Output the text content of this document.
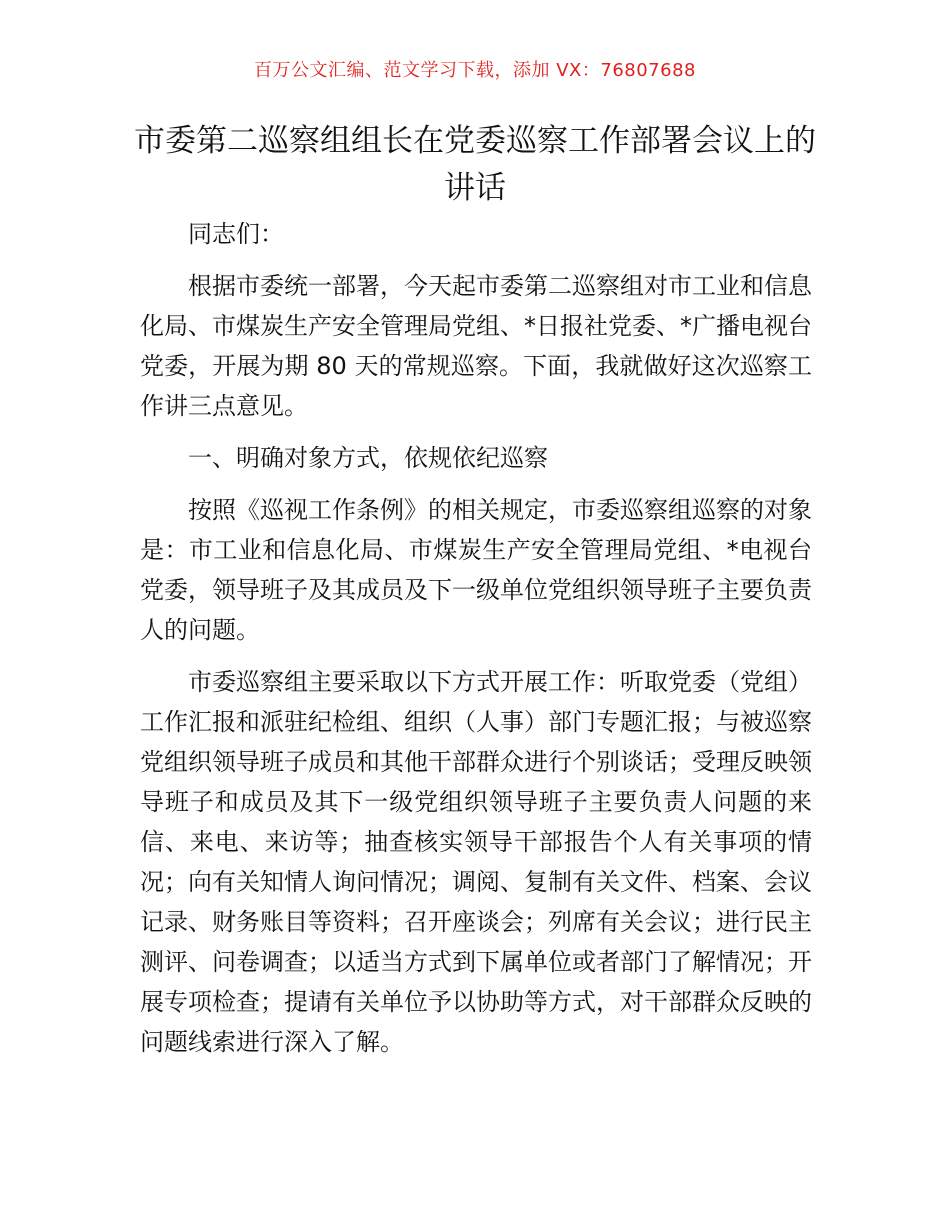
百万公文汇编、范文学习下载，添加 VX：76807688
市委第二巡察组组长在党委巡察工作部署会议上的讲话

同志们：

根据市委统一部署，今天起市委第二巡察组对市工业和信息化局、市煤炭生产安全管理局党组、*日报社党委、*广播电视台党委，开展为期 80 天的常规巡察。下面，我就做好这次巡察工作讲三点意见。

一、明确对象方式，依规依纪巡察

按照《巡视工作条例》的相关规定，市委巡察组巡察的对象是：市工业和信息化局、市煤炭生产安全管理局党组、*电视台党委，领导班子及其成员及下一级单位党组织领导班子主要负责人的问题。

市委巡察组主要采取以下方式开展工作：听取党委（党组）工作汇报和派驻纪检组、组织（人事）部门专题汇报；与被巡察党组织领导班子成员和其他干部群众进行个别谈话；受理反映领导班子和成员及其下一级党组织领导班子主要负责人问题的来信、来电、来访等；抽查核实领导干部报告个人有关事项的情况；向有关知情人询问情况；调阅、复制有关文件、档案、会议记录、财务账目等资料；召开座谈会；列席有关会议；进行民主测评、问卷调查；以适当方式到下属单位或者部门了解情况；开展专项检查；提请有关单位予以协助等方式，对干部群众反映的问题线索进行深入了解。
